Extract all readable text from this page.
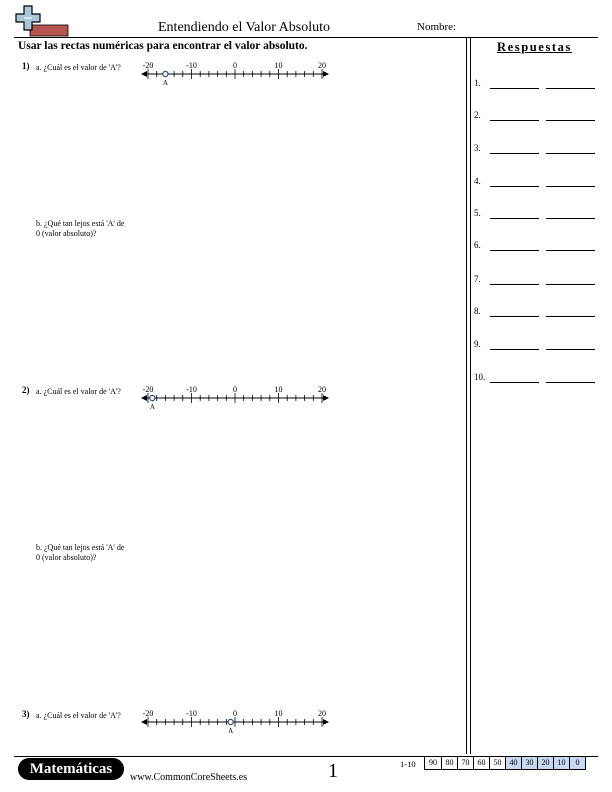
Entendiendo el Valor Absoluto	Nombre:
Usar las rectas numéricas para encontrar el valor absoluto.	Respuestas
1.
2.
3.
4.
5.
6.
7.
8.
9.
10.
1) a. ¿Cuál es el valor de 'A'?	-20	-10	0	10	20
A
b. ¿Qué tan lejos está 'A' de
0 (valor absoluto)?
2) a. ¿Cuál es el valor de 'A'?	-20	-10	0	10	20
A
b. ¿Qué tan lejos está 'A' de
0 (valor absoluto)?
3) a. ¿Cuál es el valor de 'A'?	-20	-10	0	10	20
A
Matemáticas
www.CommonCoreSheets.es	1	1-10	90	80	70	60	50	40	30	20	10	0
